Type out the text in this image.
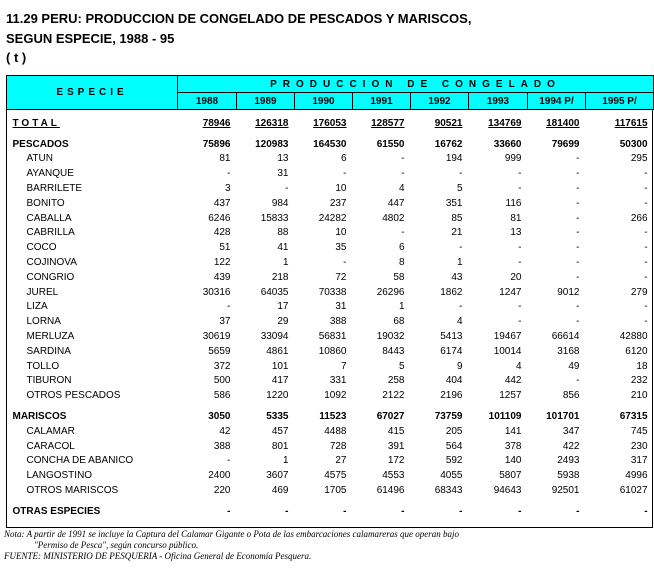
11.29 PERU: PRODUCCION DE CONGELADO DE PESCADOS Y MARISCOS,
SEGUN ESPECIE, 1988 - 95
( t )
ESPECIE	PRODUCCION DE CONGELADO							
	1988	1989	1990	1991	1992	1993	1994 P/	1995 P/

TOTAL	78946	126318	176053	128577	90521	134769	181400	117615

PESCADOS	75896	120983	164530	61550	16762	33660	79699	50300
ATUN	81	13	6	-	194	999	-	295
AYANQUE	-	31	-	-	-	-	-	-
BARRILETE	3	-	10	4	5	-	-	-
BONITO	437	984	237	447	351	116	-	-
CABALLA	6246	15833	24282	4802	85	81	-	266
CABRILLA	428	88	10	-	21	13	-	-
COCO	51	41	35	6	-	-	-	-
COJINOVA	122	1	-	8	1	-	-	-
CONGRIO	439	218	72	58	43	20	-	-
JUREL	30316	64035	70338	26296	1862	1247	9012	279
LIZA	-	17	31	1	-	-	-	-
LORNA	37	29	388	68	4	-	-	-
MERLUZA	30619	33094	56831	19032	5413	19467	66614	42880
SARDINA	5659	4861	10860	8443	6174	10014	3168	6120
TOLLO	372	101	7	5	9	4	49	18
TIBURON	500	417	331	258	404	442	-	232
OTROS PESCADOS	586	1220	1092	2122	2196	1257	856	210

MARISCOS	3050	5335	11523	67027	73759	101109	101701	67315
CALAMAR	42	457	4488	415	205	141	347	745
CARACOL	388	801	728	391	564	378	422	230
CONCHA DE ABANICO	-	1	27	172	592	140	2493	317
LANGOSTINO	2400	3607	4575	4553	4055	5807	5938	4996
OTROS MARISCOS	220	469	1705	61496	68343	94643	92501	61027

OTRAS ESPECIES	-	-	-	-	-	-	-	-
Nota: A partir de 1991 se incluye la Captura del Calamar Gigante o Pota de las embarcaciones calamareras que operan bajo
"Permiso de Pesca", según concurso público.
FUENTE: MINISTERIO DE PESQUERIA - Oficina General de Economía Pesquera.
